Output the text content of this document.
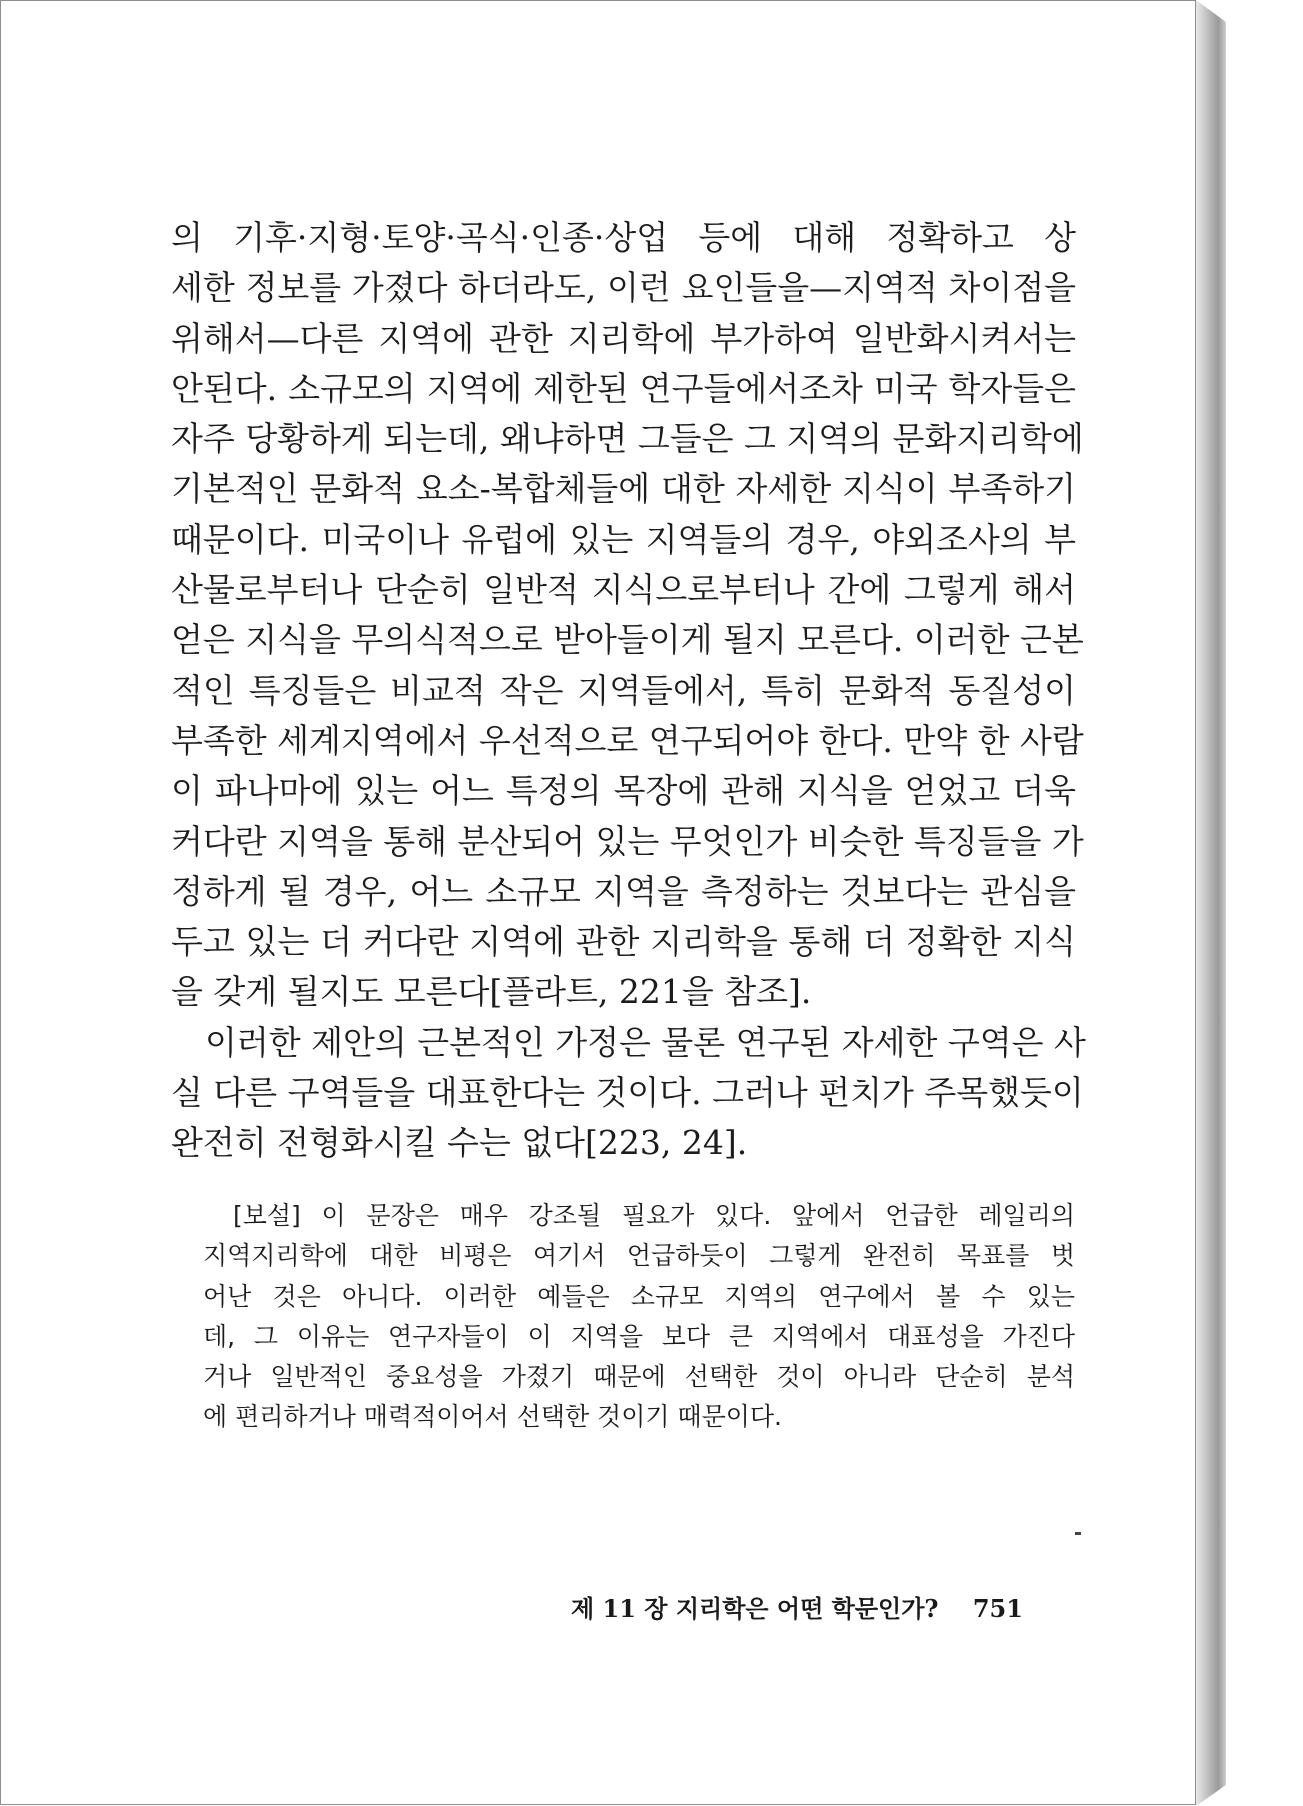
의 기후·지형·토양·곡식·인종·상업 등에 대해 정확하고 상
세한 정보를 가졌다 하더라도, 이런 요인들을—지역적 차이점을
위해서—다른 지역에 관한 지리학에 부가하여 일반화시켜서는
안된다. 소규모의 지역에 제한된 연구들에서조차 미국 학자들은
자주 당황하게 되는데, 왜냐하면 그들은 그 지역의 문화지리학에
기본적인 문화적 요소-복합체들에 대한 자세한 지식이 부족하기
때문이다. 미국이나 유럽에 있는 지역들의 경우, 야외조사의 부
산물로부터나 단순히 일반적 지식으로부터나 간에 그렇게 해서
얻은 지식을 무의식적으로 받아들이게 될지 모른다. 이러한 근본
적인 특징들은 비교적 작은 지역들에서, 특히 문화적 동질성이
부족한 세계지역에서 우선적으로 연구되어야 한다. 만약 한 사람
이 파나마에 있는 어느 특정의 목장에 관해 지식을 얻었고 더욱
커다란 지역을 통해 분산되어 있는 무엇인가 비슷한 특징들을 가
정하게 될 경우, 어느 소규모 지역을 측정하는 것보다는 관심을
두고 있는 더 커다란 지역에 관한 지리학을 통해 더 정확한 지식
을 갖게 될지도 모른다[플라트, 221을 참조].
이러한 제안의 근본적인 가정은 물론 연구된 자세한 구역은 사
실 다른 구역들을 대표한다는 것이다. 그러나 펀치가 주목했듯이
완전히 전형화시킬 수는 없다[223, 24].
[보설] 이 문장은 매우 강조될 필요가 있다. 앞에서 언급한 레일리의
지역지리학에 대한 비평은 여기서 언급하듯이 그렇게 완전히 목표를 벗
어난 것은 아니다. 이러한 예들은 소규모 지역의 연구에서 볼 수 있는
데, 그 이유는 연구자들이 이 지역을 보다 큰 지역에서 대표성을 가진다
거나 일반적인 중요성을 가졌기 때문에 선택한 것이 아니라 단순히 분석
에 편리하거나 매력적이어서 선택한 것이기 때문이다.
제 11 장 지리학은 어떤 학문인가? 751
